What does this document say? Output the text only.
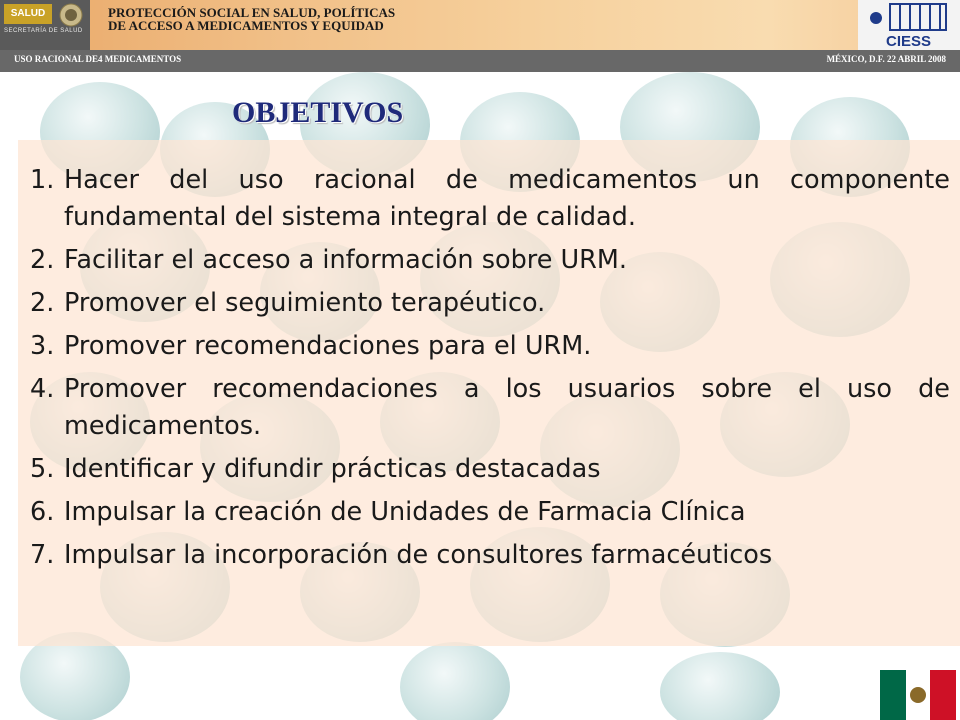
SALUD
SECRETARÍA DE SALUD
PROTECCIÓN SOCIAL EN SALUD, POLÍTICAS
DE ACCESO A MEDICAMENTOS Y EQUIDAD
CIESS
USO RACIONAL DE4 MEDICAMENTOS	MÉXICO, D.F. 22 ABRIL 2008
OBJETIVOS
1. Hacer del uso racional de medicamentos un componente fundamental del sistema integral de calidad.
2. Facilitar el acceso a información sobre URM.
2. Promover el seguimiento terapéutico.
3. Promover recomendaciones para el URM.
4. Promover recomendaciones a los usuarios sobre el uso de medicamentos.
5. Identificar y difundir prácticas destacadas
6. Impulsar la creación de Unidades de Farmacia Clínica
7. Impulsar la incorporación de consultores farmacéuticos
